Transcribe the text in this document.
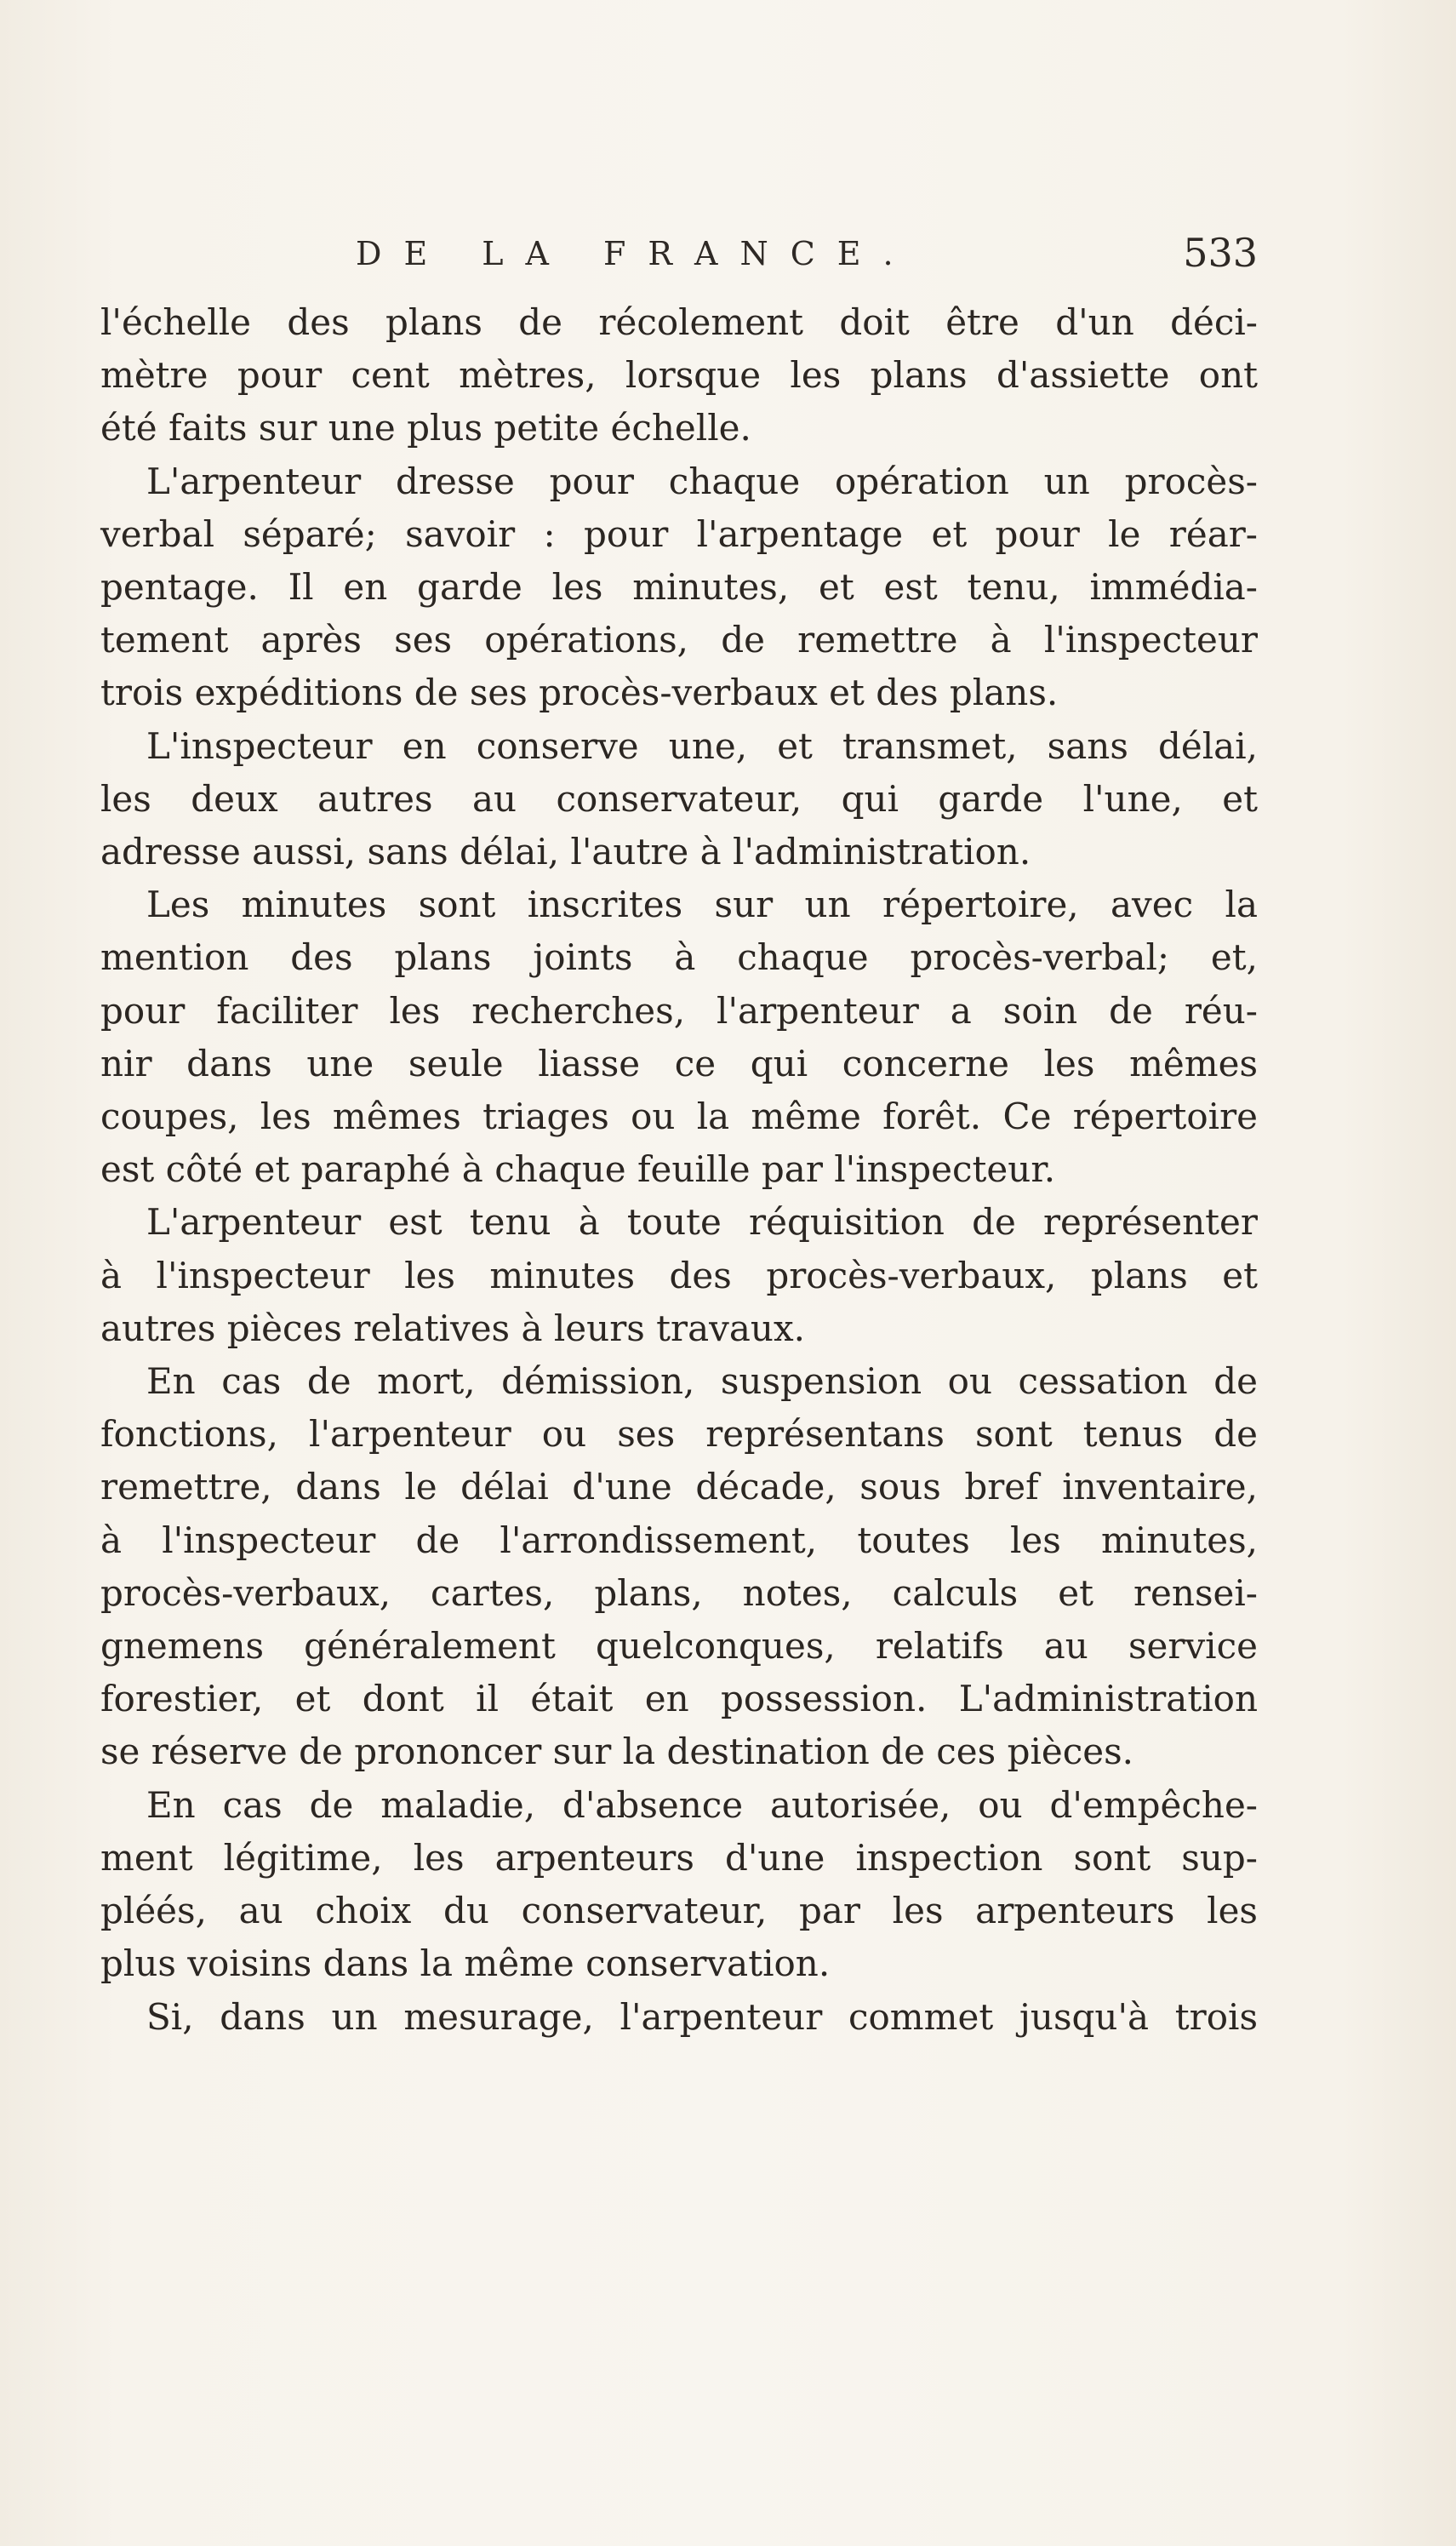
DE LA FRANCE.	533

l'échelle des plans de récolement doit être d'un déci-
mètre pour cent mètres, lorsque les plans d'assiette ont
été faits sur une plus petite échelle.

L'arpenteur dresse pour chaque opération un procès-
verbal séparé; savoir : pour l'arpentage et pour le réar-
pentage. Il en garde les minutes, et est tenu, immédia-
tement après ses opérations, de remettre à l'inspecteur
trois expéditions de ses procès-verbaux et des plans.

L'inspecteur en conserve une, et transmet, sans délai,
les deux autres au conservateur, qui garde l'une, et
adresse aussi, sans délai, l'autre à l'administration.

Les minutes sont inscrites sur un répertoire, avec la
mention des plans joints à chaque procès-verbal; et,
pour faciliter les recherches, l'arpenteur a soin de réu-
nir dans une seule liasse ce qui concerne les mêmes
coupes, les mêmes triages ou la même forêt. Ce répertoire
est côté et paraphé à chaque feuille par l'inspecteur.

L'arpenteur est tenu à toute réquisition de représenter
à l'inspecteur les minutes des procès-verbaux, plans et
autres pièces relatives à leurs travaux.

En cas de mort, démission, suspension ou cessation de
fonctions, l'arpenteur ou ses représentans sont tenus de
remettre, dans le délai d'une décade, sous bref inventaire,
à l'inspecteur de l'arrondissement, toutes les minutes,
procès-verbaux, cartes, plans, notes, calculs et rensei-
gnemens généralement quelconques, relatifs au service
forestier, et dont il était en possession. L'administration
se réserve de prononcer sur la destination de ces pièces.

En cas de maladie, d'absence autorisée, ou d'empêche-
ment légitime, les arpenteurs d'une inspection sont sup-
pléés, au choix du conservateur, par les arpenteurs les
plus voisins dans la même conservation.

Si, dans un mesurage, l'arpenteur commet jusqu'à trois
